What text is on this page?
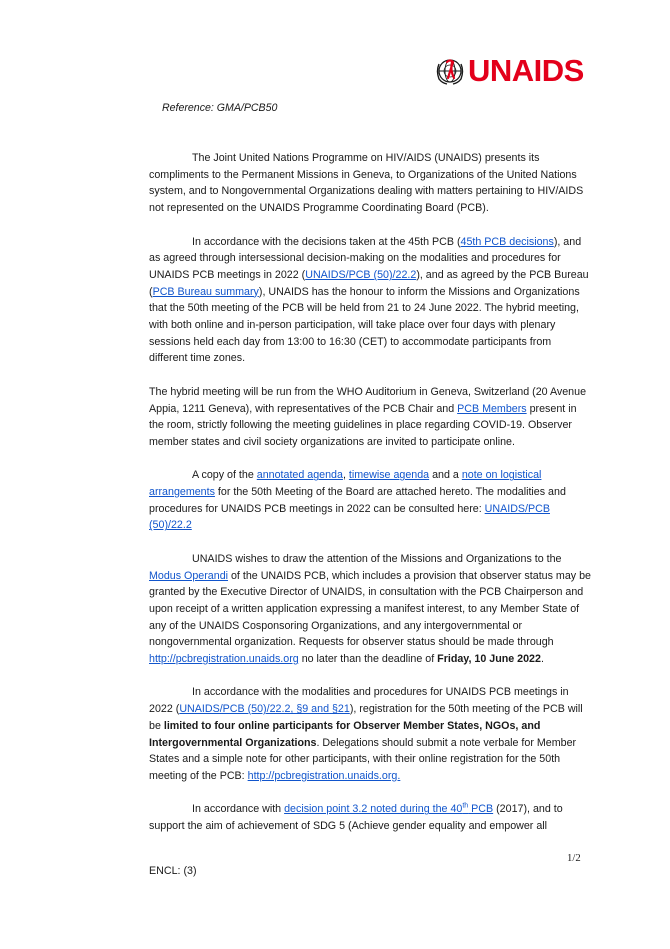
UNAIDS
Reference: GMA/PCB50

The Joint United Nations Programme on HIV/AIDS (UNAIDS) presents its compliments to the Permanent Missions in Geneva, to Organizations of the United Nations system, and to Nongovernmental Organizations dealing with matters pertaining to HIV/AIDS not represented on the UNAIDS Programme Coordinating Board (PCB).

In accordance with the decisions taken at the 45th PCB (45th PCB decisions), and as agreed through intersessional decision-making on the modalities and procedures for UNAIDS PCB meetings in 2022 (UNAIDS/PCB (50)/22.2), and as agreed by the PCB Bureau (PCB Bureau summary), UNAIDS has the honour to inform the Missions and Organizations that the 50th meeting of the PCB will be held from 21 to 24 June 2022. The hybrid meeting, with both online and in-person participation, will take place over four days with plenary sessions held each day from 13:00 to 16:30 (CET) to accommodate participants from different time zones.

The hybrid meeting will be run from the WHO Auditorium in Geneva, Switzerland (20 Avenue Appia, 1211 Geneva), with representatives of the PCB Chair and PCB Members present in the room, strictly following the meeting guidelines in place regarding COVID-19. Observer member states and civil society organizations are invited to participate online.

A copy of the annotated agenda, timewise agenda and a note on logistical arrangements for the 50th Meeting of the Board are attached hereto. The modalities and procedures for UNAIDS PCB meetings in 2022 can be consulted here: UNAIDS/PCB (50)/22.2

UNAIDS wishes to draw the attention of the Missions and Organizations to the Modus Operandi of the UNAIDS PCB, which includes a provision that observer status may be granted by the Executive Director of UNAIDS, in consultation with the PCB Chairperson and upon receipt of a written application expressing a manifest interest, to any Member State of any of the UNAIDS Cosponsoring Organizations, and any intergovernmental or nongovernmental organization. Requests for observer status should be made through http://pcbregistration.unaids.org no later than the deadline of Friday, 10 June 2022.

In accordance with the modalities and procedures for UNAIDS PCB meetings in 2022 (UNAIDS/PCB (50)/22.2, §9 and §21), registration for the 50th meeting of the PCB will be limited to four online participants for Observer Member States, NGOs, and Intergovernmental Organizations. Delegations should submit a note verbale for Member States and a simple note for other participants, with their online registration for the 50th meeting of the PCB: http://pcbregistration.unaids.org.

In accordance with decision point 3.2 noted during the 40th PCB (2017), and to support the aim of achievement of SDG 5 (Achieve gender equality and empower all

1/2
ENCL: (3)
